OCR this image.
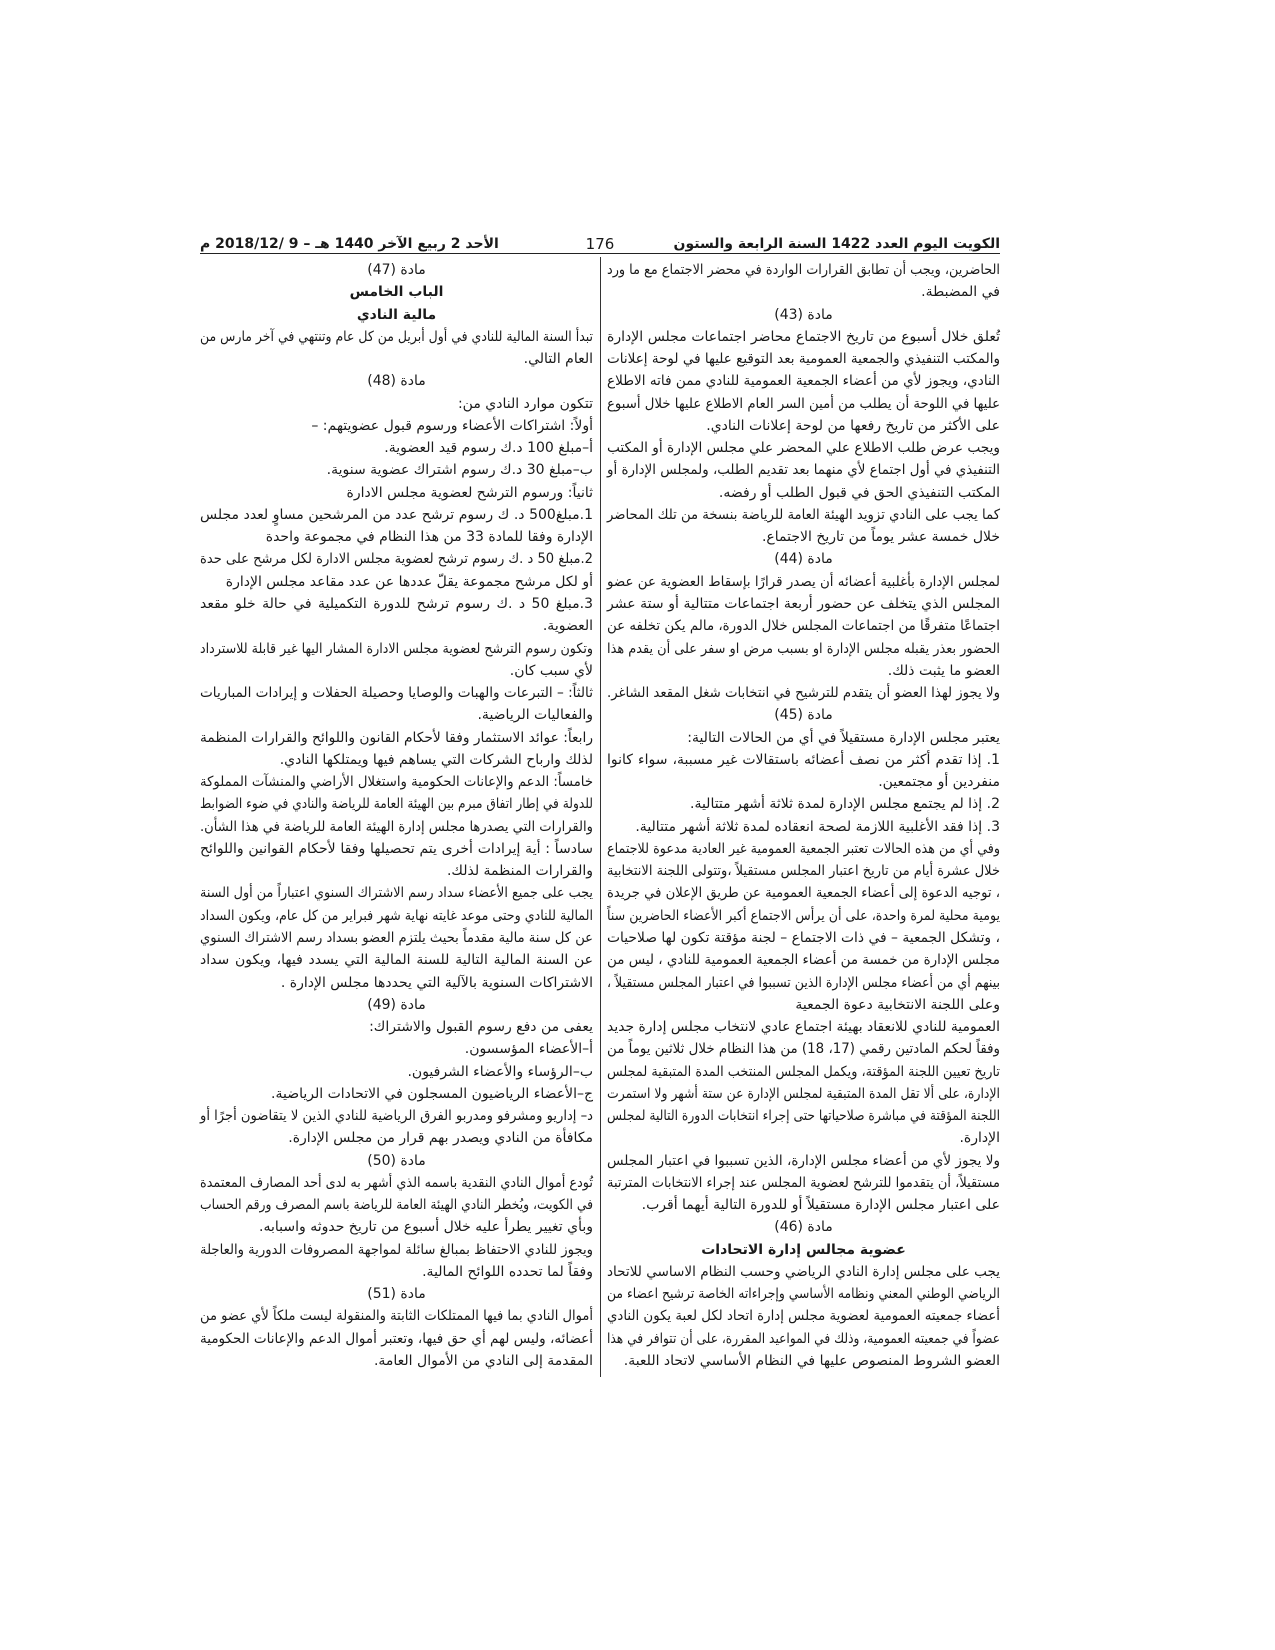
الكويت اليوم العدد 1422 السنة الرابعة والستون
176
الأحد 2 ربيع الآخر 1440 هـ – 9 /2018/12 م
الحاضرين، ويجب أن تطابق القرارات الواردة في محضر الاجتماع مع ما ورد
في المضبطة.
مادة (43)
تُعلق خلال أسبوع من تاريخ الاجتماع محاضر اجتماعات مجلس الإدارة
والمكتب التنفيذي والجمعية العمومية بعد التوقيع عليها في لوحة إعلانات
النادي، ويجوز لأي من أعضاء الجمعية العمومية للنادي ممن فاته الاطلاع
عليها في اللوحة أن يطلب من أمين السر العام الاطلاع عليها خلال أسبوع
على الأكثر من تاريخ رفعها من لوحة إعلانات النادي.
ويجب عرض طلب الاطلاع علي المحضر علي مجلس الإدارة أو المكتب
التنفيذي في أول اجتماع لأي منهما بعد تقديم الطلب، ولمجلس الإدارة أو
المكتب التنفيذي الحق في قبول الطلب أو رفضه.
كما يجب على النادي تزويد الهيئة العامة للرياضة بنسخة من تلك المحاضر
خلال خمسة عشر يوماً من تاريخ الاجتماع.
مادة (44)
لمجلس الإدارة بأغلبية أعضائه أن يصدر قرارًا بإسقاط العضوية عن عضو
المجلس الذي يتخلف عن حضور أربعة اجتماعات متتالية أو ستة عشر
اجتماعًا متفرقًا من اجتماعات المجلس خلال الدورة، مالم يكن تخلفه عن
الحضور بعذر يقبله مجلس الإدارة او بسبب مرض او سفر على أن يقدم هذا
العضو ما يثبت ذلك.
ولا يجوز لهذا العضو أن يتقدم للترشيح في انتخابات شغل المقعد الشاغر.
مادة (45)
يعتبر مجلس الإدارة مستقيلاً في أي من الحالات التالية:
1. إذا تقدم أكثر من نصف أعضائه باستقالات غير مسببة، سواء كانوا
منفردين أو مجتمعين.
2. إذا لم يجتمع مجلس الإدارة لمدة ثلاثة أشهر متتالية.
3. إذا فقد الأغلبية اللازمة لصحة انعقاده لمدة ثلاثة أشهر متتالية.
وفي أي من هذه الحالات تعتبر الجمعية العمومية غير العادية مدعوة للاجتماع
خلال عشرة أيام من تاريخ اعتبار المجلس مستقيلاً ،وتتولى اللجنة الانتخابية
، توجيه الدعوة إلى أعضاء الجمعية العمومية عن طريق الإعلان في جريدة
يومية محلية لمرة واحدة، على أن يرأس الاجتماع أكبر الأعضاء الحاضرين سناً
، وتشكل الجمعية – في ذات الاجتماع – لجنة مؤقتة تكون لها صلاحيات
مجلس الإدارة من خمسة من أعضاء الجمعية العمومية للنادي ، ليس من
بينهم أي من أعضاء مجلس الإدارة الذين تسببوا في اعتبار المجلس مستقيلاً ،
وعلى اللجنة الانتخابية دعوة الجمعية
العمومية للنادي للانعقاد بهيئة اجتماع عادي لانتخاب مجلس إدارة جديد
وفقاً لحكم المادتين رقمي (17، 18) من هذا النظام خلال ثلاثين يوماً من
تاريخ تعيين اللجنة المؤقتة، ويكمل المجلس المنتخب المدة المتبقية لمجلس
الإدارة، على ألا تقل المدة المتبقية لمجلس الإدارة عن ستة أشهر ولا استمرت
اللجنة المؤقتة في مباشرة صلاحياتها حتى إجراء انتخابات الدورة التالية لمجلس
الإدارة.
ولا يجوز لأي من أعضاء مجلس الإدارة، الذين تسببوا في اعتبار المجلس
مستقيلاً، أن يتقدموا للترشح لعضوية المجلس عند إجراء الانتخابات المترتبة
على اعتبار مجلس الإدارة مستقيلاً أو للدورة التالية أيهما أقرب.
مادة (46)
عضوية مجالس إدارة الاتحادات
يجب على مجلس إدارة النادي الرياضي وحسب النظام الاساسي للاتحاد
الرياضي الوطني المعني ونظامه الأساسي وإجراءاته الخاصة ترشيح اعضاء من
أعضاء جمعيته العمومية لعضوية مجلس إدارة اتحاد لكل لعبة يكون النادي
عضواً في جمعيته العمومية، وذلك في المواعيد المقررة، على أن تتوافر في هذا
العضو الشروط المنصوص عليها في النظام الأساسي لاتحاد اللعبة.
مادة (47)
الباب الخامس
مالية النادي
تبدأ السنة المالية للنادي في أول أبريل من كل عام وتنتهي في آخر مارس من
العام التالي.
مادة (48)
تتكون موارد النادي من:
أولاً: اشتراكات الأعضاء ورسوم قبول عضويتهم: –
أ–مبلغ 100 د.ك رسوم قيد العضوية.
ب–مبلغ 30 د.ك رسوم اشتراك عضوية سنوية.
ثانياً: ورسوم الترشح لعضوية مجلس الادارة
1.مبلغ500 د. ك رسوم ترشح عدد من المرشحين مساوٍ لعدد مجلس
الإدارة وفقا للمادة 33 من هذا النظام في مجموعة واحدة
2.مبلغ 50 د .ك رسوم ترشح لعضوية مجلس الادارة لكل مرشح على حدة
أو لكل مرشح مجموعة يقلّ عددها عن عدد مقاعد مجلس الإدارة
3.مبلغ 50 د .ك رسوم ترشح للدورة التكميلية في حالة خلو مقعد
العضوية.
وتكون رسوم الترشح لعضوية مجلس الادارة المشار اليها غير قابلة للاسترداد
لأي سبب كان.
ثالثاً: – التبرعات والهبات والوصايا وحصيلة الحفلات و إيرادات المباريات
والفعاليات الرياضية.
رابعاً: عوائد الاستثمار وفقا لأحكام القانون واللوائح والقرارات المنظمة
لذلك وارباح الشركات التي يساهم فيها ويمتلكها النادي.
خامساً: الدعم والإعانات الحكومية واستغلال الأراضي والمنشآت المملوكة
للدولة في إطار اتفاق مبرم بين الهيئة العامة للرياضة والنادي في ضوء الضوابط
والقرارات التي يصدرها مجلس إدارة الهيئة العامة للرياضة في هذا الشأن.
سادساً : أية إيرادات أخرى يتم تحصيلها وفقا لأحكام القوانين واللوائح
والقرارات المنظمة لذلك.
يجب على جميع الأعضاء سداد رسم الاشتراك السنوي اعتباراً من أول السنة
المالية للنادي وحتى موعد غايته نهاية شهر فبراير من كل عام، ويكون السداد
عن كل سنة مالية مقدماً بحيث يلتزم العضو بسداد رسم الاشتراك السنوي
عن السنة المالية التالية للسنة المالية التي يسدد فيها، ويكون سداد
الاشتراكات السنوية بالآلية التي يحددها مجلس الإدارة .
مادة (49)
يعفى من دفع رسوم القبول والاشتراك:
أ–الأعضاء المؤسسون.
ب–الرؤساء والأعضاء الشرفيون.
ج–الأعضاء الرياضيون المسجلون في الاتحادات الرياضية.
د– إداريو ومشرفو ومدربو الفرق الرياضية للنادي الذين لا يتقاضون أجرًا أو
مكافأة من النادي ويصدر بهم قرار من مجلس الإدارة.
مادة (50)
تُودع أموال النادي النقدية باسمه الذي أشهر به لدى أحد المصارف المعتمدة
في الكويت، ويُخطر النادي الهيئة العامة للرياضة باسم المصرف ورقم الحساب
وبأي تغيير يطرأ عليه خلال أسبوع من تاريخ حدوثه واسبابه.
ويجوز للنادي الاحتفاظ بمبالغ سائلة لمواجهة المصروفات الدورية والعاجلة
وفقاً لما تحدده اللوائح المالية.
مادة (51)
أموال النادي بما فيها الممتلكات الثابتة والمنقولة ليست ملكاً لأي عضو من
أعضائه، وليس لهم أي حق فيها، وتعتبر أموال الدعم والإعانات الحكومية
المقدمة إلى النادي من الأموال العامة.
